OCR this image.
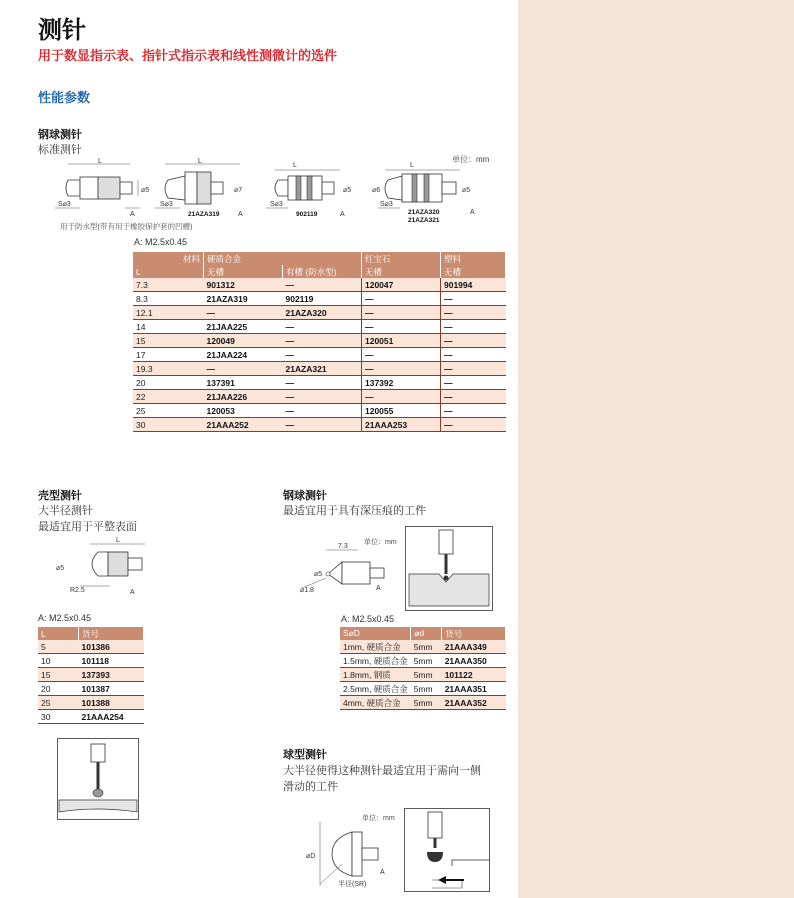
测针
用于数显指示表、指针式指示表和线性测微计的选件
性能参数
钢球测针
标准测针
单位：mm
L
S⌀3
⌀5
A
L
S⌀3
⌀7
21AZA319	A
L
S⌀3
⌀5
902119	A
L
S⌀3
⌀6	⌀5
21AZA320
21AZA321
A
用于防水型(带有用于橡胶保护套的凹槽)
A: M2.5x0.45
材料	硬质合金		红宝石	塑料
L	无槽	有槽 (防水型)	无槽	无槽
7.3	901312	—	120047	901994
8.3	21AZA319	902119	—	—
12.1	—	21AZA320	—	—
14	21JAA225	—	—	—
15	120049	—	120051	—
17	21JAA224	—	—	—
19.3	—	21AZA321	—	—
20	137391	—	137392	—
22	21JAA226	—	—	—
25	120053	—	120055	—
30	21AAA252	—	21AAA253	—
壳型测针
大半径测针
最适宜用于平整表面
L
⌀5
R2.5	A
A: M2.5x0.45
L	货号
5	101386
10	101118
15	137393
20	101387
25	101388
30	21AAA254
钢球测针
最适宜用于具有深压痕的工件
7.3
单位：mm
⌀5
⌀1.8	A
A: M2.5x0.45
S⌀D	⌀d	货号
1mm, 硬质合金	5mm	21AAA349
1.5mm, 硬质合金	5mm	21AAA350
1.8mm, 钢质	5mm	101122
2.5mm, 硬质合金	5mm	21AAA351
4mm, 硬质合金	5mm	21AAA352
球型测针
大半径使得这种测针最适宜用于需向一侧
滑动的工件
单位：mm
⌀D
半径(SR)
A
